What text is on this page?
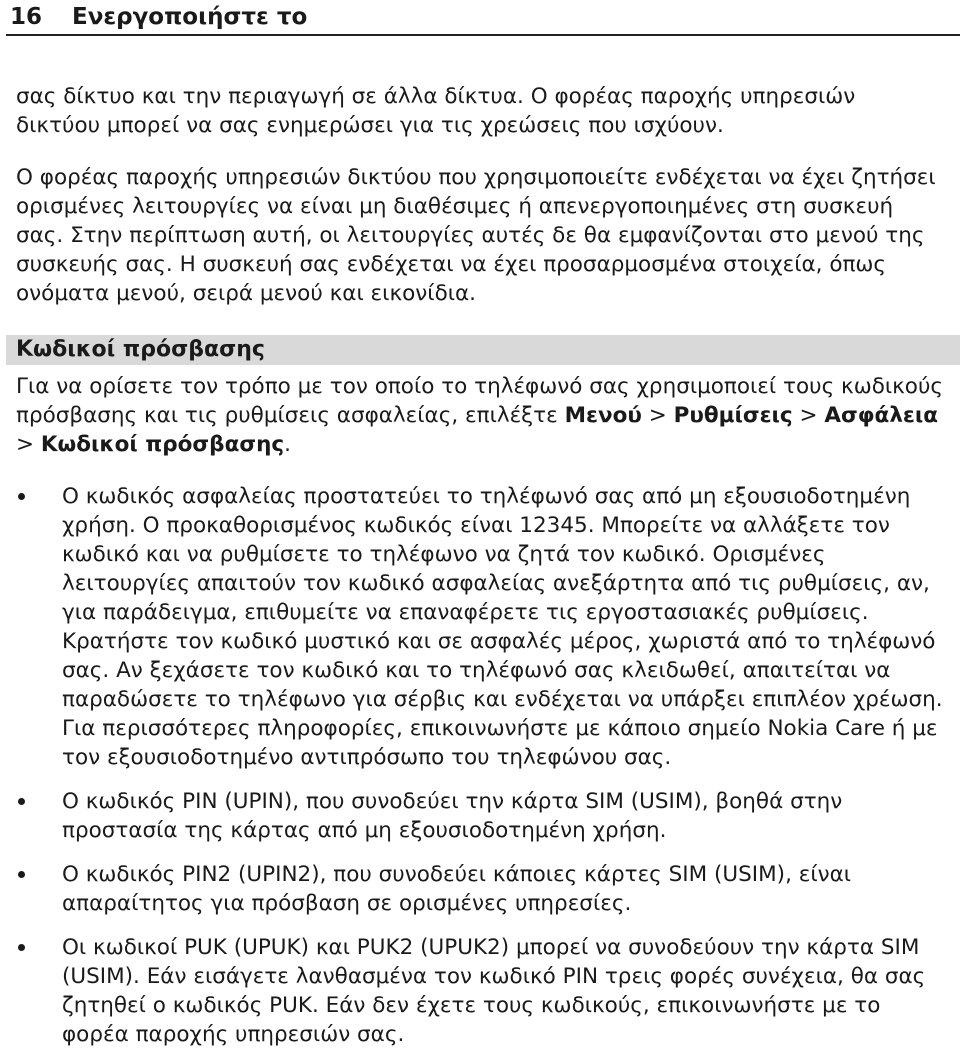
16 Ενεργοποιήστε το

σας δίκτυο και την περιαγωγή σε άλλα δίκτυα. Ο φορέας παροχής υπηρεσιών δικτύου μπορεί να σας ενημερώσει για τις χρεώσεις που ισχύουν.

Ο φορέας παροχής υπηρεσιών δικτύου που χρησιμοποιείτε ενδέχεται να έχει ζητήσει ορισμένες λειτουργίες να είναι μη διαθέσιμες ή απενεργοποιημένες στη συσκευή σας. Στην περίπτωση αυτή, οι λειτουργίες αυτές δε θα εμφανίζονται στο μενού της συσκευής σας. Η συσκευή σας ενδέχεται να έχει προσαρμοσμένα στοιχεία, όπως ονόματα μενού, σειρά μενού και εικονίδια.

Κωδικοί πρόσβασης

Για να ορίσετε τον τρόπο με τον οποίο το τηλέφωνό σας χρησιμοποιεί τους κωδικούς πρόσβασης και τις ρυθμίσεις ασφαλείας, επιλέξτε Μενού > Ρυθμίσεις > Ασφάλεια > Κωδικοί πρόσβασης.

Ο κωδικός ασφαλείας προστατεύει το τηλέφωνό σας από μη εξουσιοδοτημένη χρήση. Ο προκαθορισμένος κωδικός είναι 12345. Μπορείτε να αλλάξετε τον κωδικό και να ρυθμίσετε το τηλέφωνο να ζητά τον κωδικό. Ορισμένες λειτουργίες απαιτούν τον κωδικό ασφαλείας ανεξάρτητα από τις ρυθμίσεις, αν, για παράδειγμα, επιθυμείτε να επαναφέρετε τις εργοστασιακές ρυθμίσεις. Κρατήστε τον κωδικό μυστικό και σε ασφαλές μέρος, χωριστά από το τηλέφωνό σας. Αν ξεχάσετε τον κωδικό και το τηλέφωνό σας κλειδωθεί, απαιτείται να παραδώσετε το τηλέφωνο για σέρβις και ενδέχεται να υπάρξει επιπλέον χρέωση. Για περισσότερες πληροφορίες, επικοινωνήστε με κάποιο σημείο Nokia Care ή με τον εξουσιοδοτημένο αντιπρόσωπο του τηλεφώνου σας.
Ο κωδικός PIN (UPIN), που συνοδεύει την κάρτα SIM (USIM), βοηθά στην προστασία της κάρτας από μη εξουσιοδοτημένη χρήση.
Ο κωδικός PIN2 (UPIN2), που συνοδεύει κάποιες κάρτες SIM (USIM), είναι απαραίτητος για πρόσβαση σε ορισμένες υπηρεσίες.
Οι κωδικοί PUK (UPUK) και PUK2 (UPUK2) μπορεί να συνοδεύουν την κάρτα SIM (USIM). Εάν εισάγετε λανθασμένα τον κωδικό PIN τρεις φορές συνέχεια, θα σας ζητηθεί ο κωδικός PUK. Εάν δεν έχετε τους κωδικούς, επικοινωνήστε με το φορέα παροχής υπηρεσιών σας.
